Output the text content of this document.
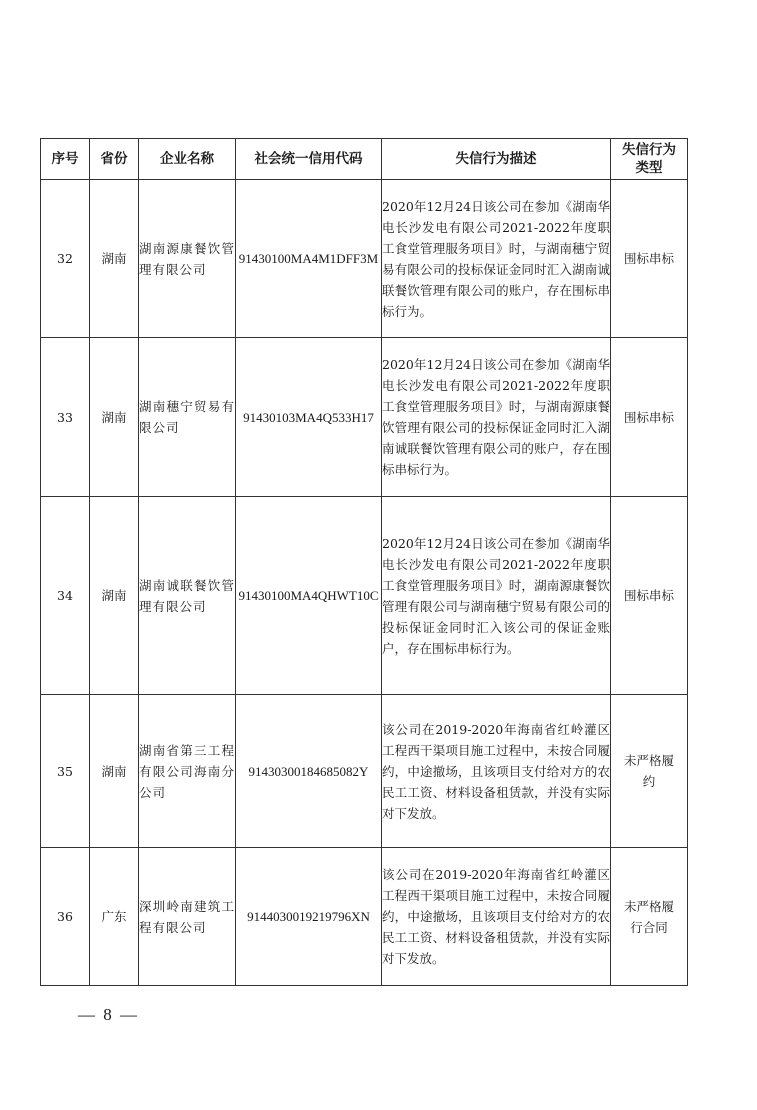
序号	省份	企业名称	社会统一信用代码	失信行为描述	失信行为类型
32	湖南	湖南源康餐饮管理有限公司	91430100MA4M1DFF3M	2020年12月24日该公司在参加《湖南华电长沙发电有限公司2021-2022年度职工食堂管理服务项目》时，与湖南穗宁贸易有限公司的投标保证金同时汇入湖南诚联餐饮管理有限公司的账户，存在围标串标行为。	围标串标
33	湖南	湖南穗宁贸易有限公司	91430103MA4Q533H17	2020年12月24日该公司在参加《湖南华电长沙发电有限公司2021-2022年度职工食堂管理服务项目》时，与湖南源康餐饮管理有限公司的投标保证金同时汇入湖南诚联餐饮管理有限公司的账户，存在围标串标行为。	围标串标
34	湖南	湖南诚联餐饮管理有限公司	91430100MA4QHWT10C	2020年12月24日该公司在参加《湖南华电长沙发电有限公司2021-2022年度职工食堂管理服务项目》时，湖南源康餐饮管理有限公司与湖南穗宁贸易有限公司的投标保证金同时汇入该公司的保证金账户，存在围标串标行为。	围标串标
35	湖南	湖南省第三工程有限公司海南分公司	91430300184685082Y	该公司在2019-2020年海南省红岭灌区工程西干渠项目施工过程中，未按合同履约，中途撤场，且该项目支付给对方的农民工工资、材料设备租赁款，并没有实际对下发放。	未严格履约
36	广东	深圳岭南建筑工程有限公司	9144030019219796XN	该公司在2019-2020年海南省红岭灌区工程西干渠项目施工过程中，未按合同履约，中途撤场，且该项目支付给对方的农民工工资、材料设备租赁款，并没有实际对下发放。	未严格履行合同
— 8 —
